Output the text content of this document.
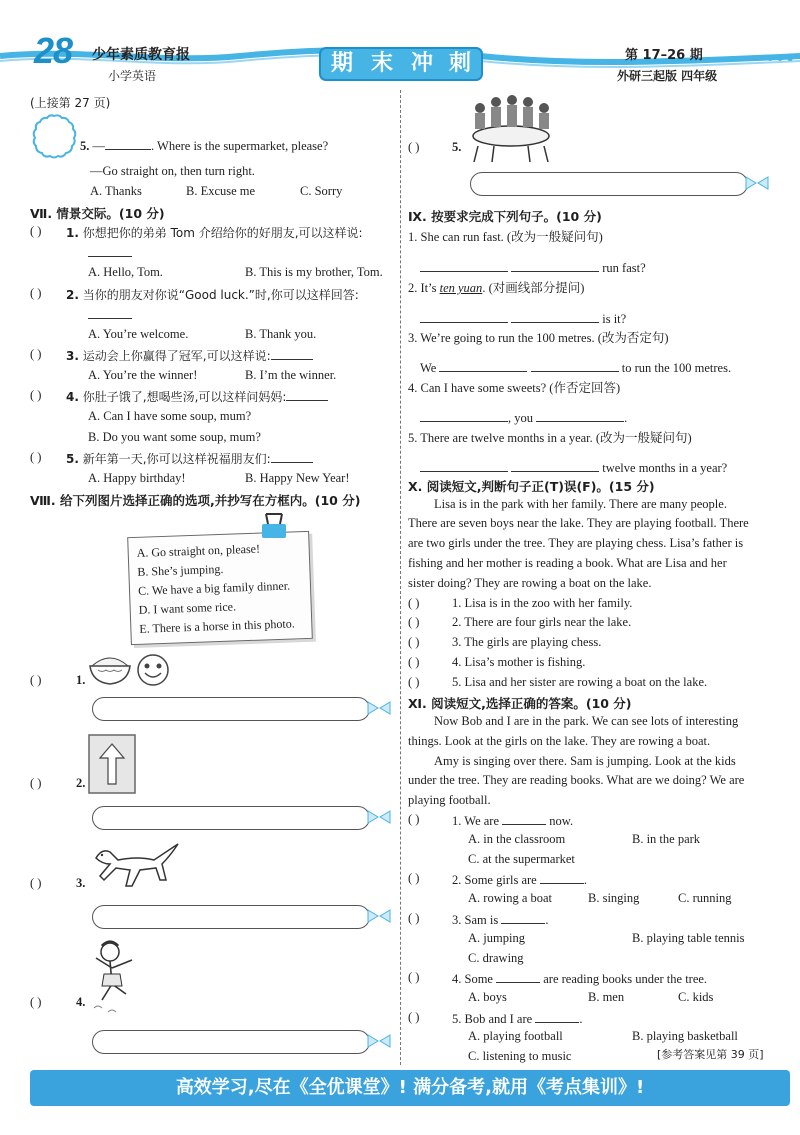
28	少年素质教育报
小学英语	期 末 冲 刺	第 17–26 期
外研三起版 四年级
(上接第 27 页)
5. —	. Where is the supermarket, please?
—Go straight on, then turn right.
A. Thanks	B. Excuse me	C. Sorry
Ⅶ. 情景交际。(10 分)
( ) 1. 你想把你的弟弟 Tom 介绍给你的好朋友,可以这样说:
A. Hello, Tom.	B. This is my brother, Tom.
( ) 2. 当你的朋友对你说“Good luck.”时,你可以这样回答:
A. You’re welcome.	B. Thank you.
( ) 3. 运动会上你赢得了冠军,可以这样说:
A. You’re the winner!	B. I’m the winner.
( ) 4. 你肚子饿了,想喝些汤,可以这样问妈妈:
A. Can I have some soup, mum?
B. Do you want some soup, mum?
( ) 5. 新年第一天,你可以这样祝福朋友们:
A. Happy birthday!	B. Happy New Year!
Ⅷ. 给下列图片选择正确的选项,并抄写在方框内。(10 分)
A. Go straight on, please!
B. She’s jumping.
C. We have a big family dinner.
D. I want some rice.
E. There is a horse in this photo.
( )	1.
( )	2.
( )	3.
( )	4.
( )	5.
Ⅸ. 按要求完成下列句子。(10 分)
1. She can run fast. (改为一般疑问句)
run fast?
2. It’s ten yuan. (对画线部分提问)
is it?
3. We’re going to run the 100 metres. (改为否定句)
We	to run the 100 metres.
4. Can I have some sweets? (作否定回答)
, you	.
5. There are twelve months in a year. (改为一般疑问句)
twelve months in a year?
Ⅹ. 阅读短文,判断句子正(T)误(F)。(15 分)
Lisa is in the park with her family. There are many people.
There are seven boys near the lake. They are playing football. There
are two girls under the tree. They are playing chess. Lisa’s father is
fishing and her mother is reading a book. What are Lisa and her
sister doing? They are rowing a boat on the lake.
( )	1. Lisa is in the zoo with her family.
( )	2. There are four girls near the lake.
( )	3. The girls are playing chess.
( )	4. Lisa’s mother is fishing.
( )	5. Lisa and her sister are rowing a boat on the lake.
Ⅺ. 阅读短文,选择正确的答案。(10 分)
Now Bob and I are in the park. We can see lots of interesting
things. Look at the girls on the lake. They are rowing a boat.
Amy is singing over there. Sam is jumping. Look at the kids
under the tree. They are reading books. What are we doing? We are
playing football.
( )	1. We are	now.
A. in the classroom	B. in the park
C. at the supermarket
( )	2. Some girls are	.
A. rowing a boat	B. singing	C. running
( )	3. Sam is	.
A. jumping	B. playing table tennis
C. drawing
( )	4. Some	are reading books under the tree.
A. boys	B. men	C. kids
( )	5. Bob and I are	.
A. playing football	B. playing basketball
C. listening to music	[参考答案见第 39 页]
高效学习,尽在《全优课堂》! 满分备考,就用《考点集训》!
